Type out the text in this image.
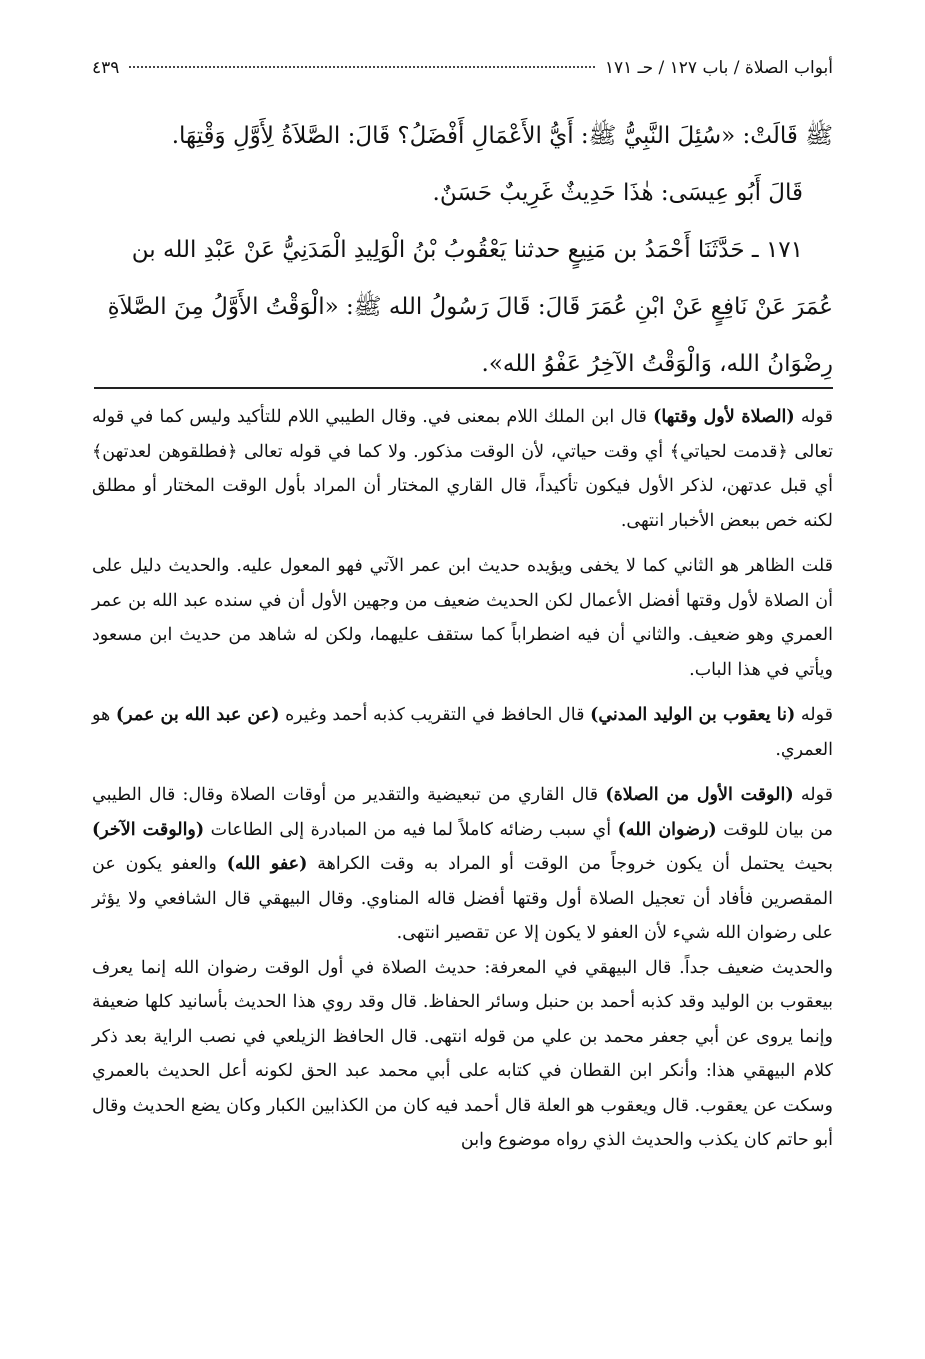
أبواب الصلاة / باب ١٢٧ / حـ ١٧١
٤٣٩

ﷺ قَالَتْ: «سُئِلَ النَّبِيُّ ﷺ: أَيُّ الأَعْمَالِ أَفْضَلُ؟ قَالَ: الصَّلاَةُ لِأَوَّلِ وَقْتِهَا.

قَالَ أَبُو عِيسَى: هٰذَا حَدِيثٌ غَرِيبٌ حَسَنٌ.

١٧١ ـ حَدَّثَنَا أَحْمَدُ بن مَنِيعٍ حدثنا يَعْقُوبُ بْنُ الْوَلِيدِ الْمَدَنِيُّ عَنْ عَبْدِ الله بن

عُمَرَ عَنْ نَافِعٍ عَنْ ابْنِ عُمَرَ قَالَ: قَالَ رَسُولُ الله ﷺ: «الْوَقْتُ الأَوَّلُ مِنَ الصَّلاَةِ

رِضْوَانُ الله، وَالْوَقْتُ الآخِرُ عَفْوُ الله».

قوله (الصلاة لأول وقتها) قال ابن الملك اللام بمعنى في. وقال الطيبي اللام للتأكيد وليس كما في قوله تعالى ﴿قدمت لحياتي﴾ أي وقت حياتي، لأن الوقت مذكور. ولا كما في قوله تعالى ﴿فطلقوهن لعدتهن﴾ أي قبل عدتهن، لذكر الأول فيكون تأكيداً، قال القاري المختار أن المراد بأول الوقت المختار أو مطلق لكنه خص ببعض الأخبار انتهى.

قلت الظاهر هو الثاني كما لا يخفى ويؤيده حديث ابن عمر الآتي فهو المعول عليه. والحديث دليل على أن الصلاة لأول وقتها أفضل الأعمال لكن الحديث ضعيف من وجهين الأول أن في سنده عبد الله بن عمر العمري وهو ضعيف. والثاني أن فيه اضطراباً كما ستقف عليهما، ولكن له شاهد من حديث ابن مسعود ويأتي في هذا الباب.

قوله (نا يعقوب بن الوليد المدني) قال الحافظ في التقريب كذبه أحمد وغيره (عن عبد الله بن عمر) هو العمري.

قوله (الوقت الأول من الصلاة) قال القاري من تبعيضية والتقدير من أوقات الصلاة وقال: قال الطيبي من بيان للوقت (رضوان الله) أي سبب رضائه كاملاً لما فيه من المبادرة إلى الطاعات (والوقت الآخر) بحيث يحتمل أن يكون خروجاً من الوقت أو المراد به وقت الكراهة (عفو الله) والعفو يكون عن المقصرين فأفاد أن تعجيل الصلاة أول وقتها أفضل قاله المناوي. وقال البيهقي قال الشافعي ولا يؤثر على رضوان الله شيء لأن العفو لا يكون إلا عن تقصير انتهى.

والحديث ضعيف جداً. قال البيهقي في المعرفة: حديث الصلاة في أول الوقت رضوان الله إنما يعرف بيعقوب بن الوليد وقد كذبه أحمد بن حنبل وسائر الحفاظ. قال وقد روي هذا الحديث بأسانيد كلها ضعيفة وإنما يروى عن أبي جعفر محمد بن علي من قوله انتهى. قال الحافظ الزيلعي في نصب الراية بعد ذكر كلام البيهقي هذا: وأنكر ابن القطان في كتابه على أبي محمد عبد الحق لكونه أعل الحديث بالعمري وسكت عن يعقوب. قال ويعقوب هو العلة قال أحمد فيه كان من الكذابين الكبار وكان يضع الحديث وقال أبو حاتم كان يكذب والحديث الذي رواه موضوع وابن
